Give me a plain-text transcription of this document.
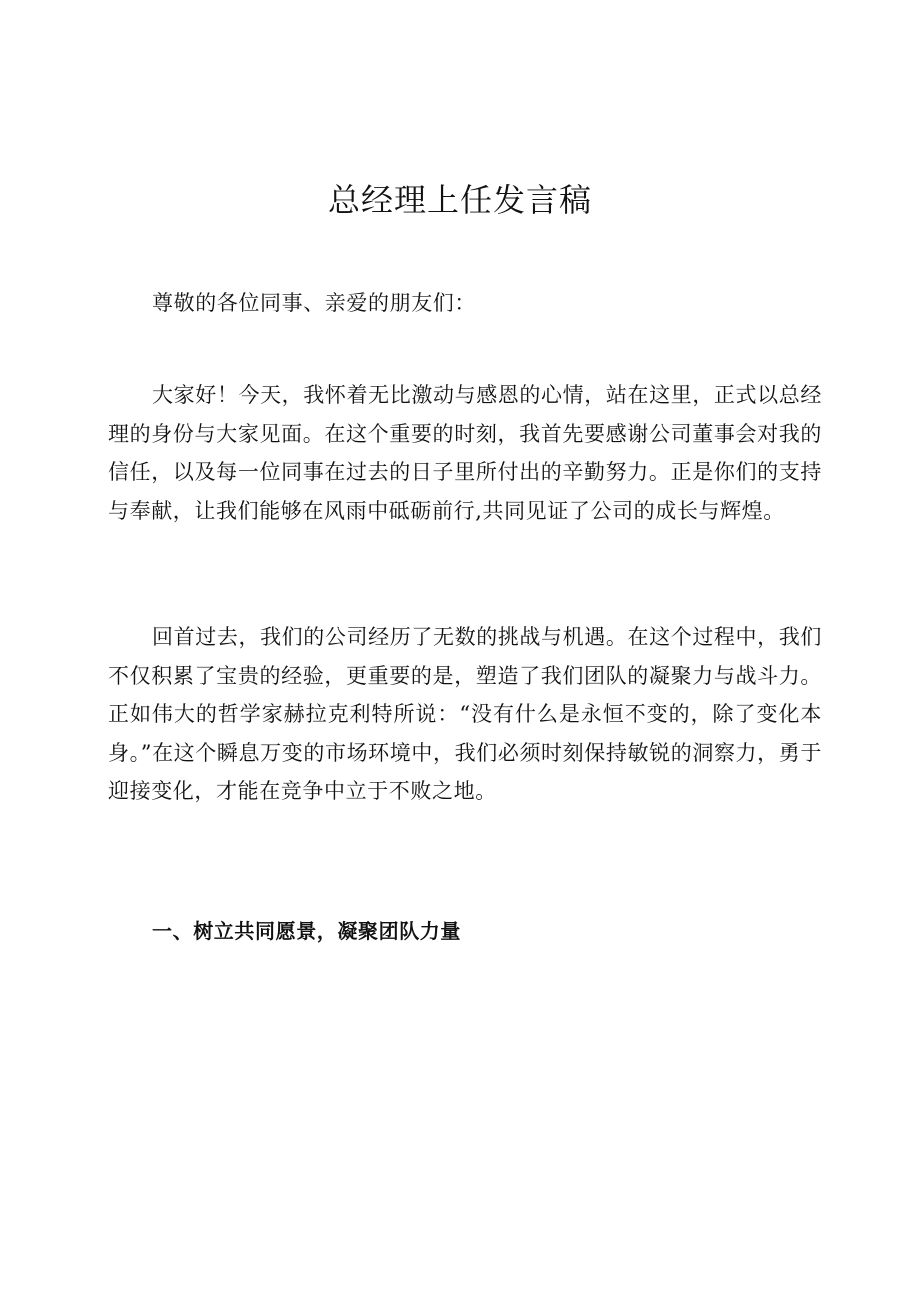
总经理上任发言稿

尊敬的各位同事、亲爱的朋友们：

大家好！今天，我怀着无比激动与感恩的心情，站在这里，正式以总经理的身份与大家见面。在这个重要的时刻，我首先要感谢公司董事会对我的信任，以及每一位同事在过去的日子里所付出的辛勤努力。正是你们的支持与奉献，让我们能够在风雨中砥砺前行,共同见证了公司的成长与辉煌。

回首过去，我们的公司经历了无数的挑战与机遇。在这个过程中，我们不仅积累了宝贵的经验，更重要的是，塑造了我们团队的凝聚力与战斗力。正如伟大的哲学家赫拉克利特所说：“没有什么是永恒不变的，除了变化本身。”在这个瞬息万变的市场环境中，我们必须时刻保持敏锐的洞察力，勇于迎接变化，才能在竞争中立于不败之地。

一、树立共同愿景，凝聚团队力量
